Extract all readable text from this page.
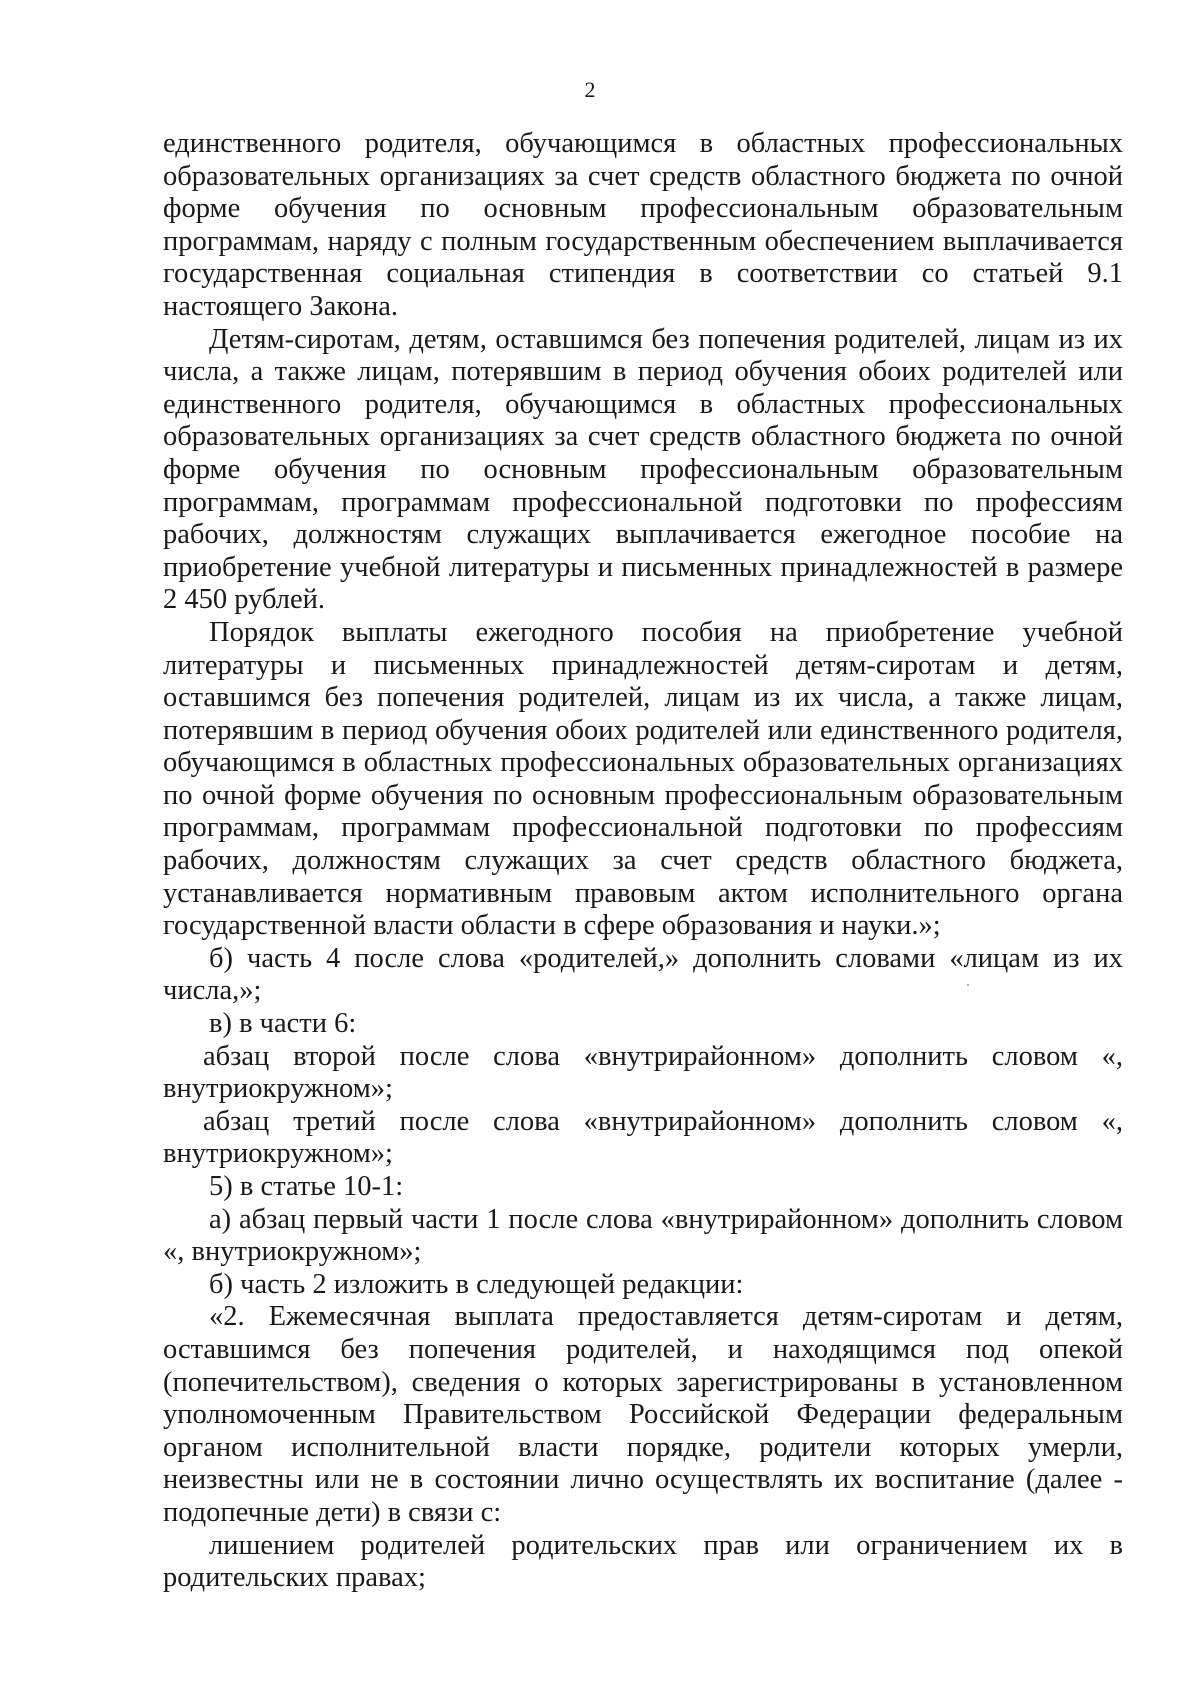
2

единственного родителя, обучающимся в областных профессиональных образовательных организациях за счет средств областного бюджета по очной форме обучения по основным профессиональным образовательным программам, наряду с полным государственным обеспечением выплачивается государственная социальная стипендия в соответствии со статьей 9.1 настоящего Закона.

Детям-сиротам, детям, оставшимся без попечения родителей, лицам из их числа, а также лицам, потерявшим в период обучения обоих родителей или единственного родителя, обучающимся в областных профессиональных образовательных организациях за счет средств областного бюджета по очной форме обучения по основным профессиональным образовательным программам, программам профессиональной подготовки по профессиям рабочих, должностям служащих выплачивается ежегодное пособие на приобретение учебной литературы и письменных принадлежностей в размере 2 450 рублей.

Порядок выплаты ежегодного пособия на приобретение учебной литературы и письменных принадлежностей детям-сиротам и детям, оставшимся без попечения родителей, лицам из их числа, а также лицам, потерявшим в период обучения обоих родителей или единственного родителя, обучающимся в областных профессиональных образовательных организациях по очной форме обучения по основным профессиональным образовательным программам, программам профессиональной подготовки по профессиям рабочих, должностям служащих за счет средств областного бюджета, устанавливается нормативным правовым актом исполнительного органа государственной власти области в сфере образования и науки.»;

б) часть 4 после слова «родителей,» дополнить словами «лицам из их числа,»;

в) в части 6:

абзац второй после слова «внутрирайонном» дополнить словом «, внутриокружном»;

абзац третий после слова «внутрирайонном» дополнить словом «, внутриокружном»;

5) в статье 10-1:

а) абзац первый части 1 после слова «внутрирайонном» дополнить словом «, внутриокружном»;

б) часть 2 изложить в следующей редакции:

«2. Ежемесячная выплата предоставляется детям-сиротам и детям, оставшимся без попечения родителей, и находящимся под опекой (попечительством), сведения о которых зарегистрированы в установленном уполномоченным Правительством Российской Федерации федеральным органом исполнительной власти порядке, родители которых умерли, неизвестны или не в состоянии лично осуществлять их воспитание (далее - подопечные дети) в связи с:

лишением родителей родительских прав или ограничением их в родительских правах;
